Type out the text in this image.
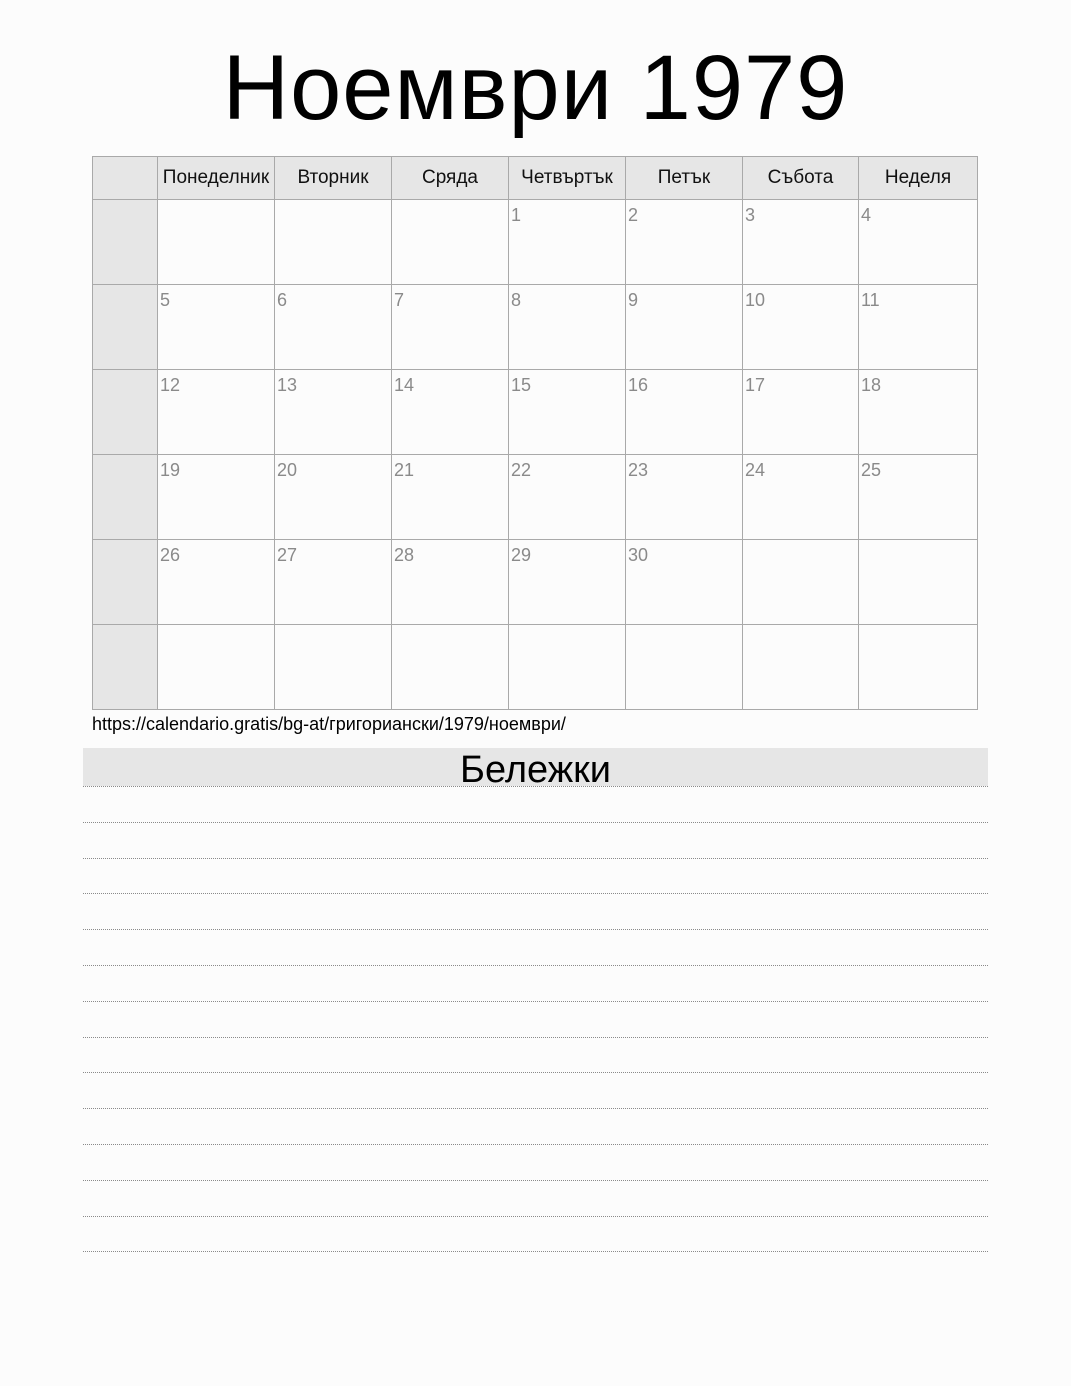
Ноември 1979
	Понеделник	Вторник	Сряда	Четвъртък	Петък	Събота	Неделя

				1	2	3	4

	5	6	7	8	9	10	11

	12	13	14	15	16	17	18

	19	20	21	22	23	24	25

	26	27	28	29	30		

https://calendario.gratis/bg-at/григориански/1979/ноември/
Бележки
